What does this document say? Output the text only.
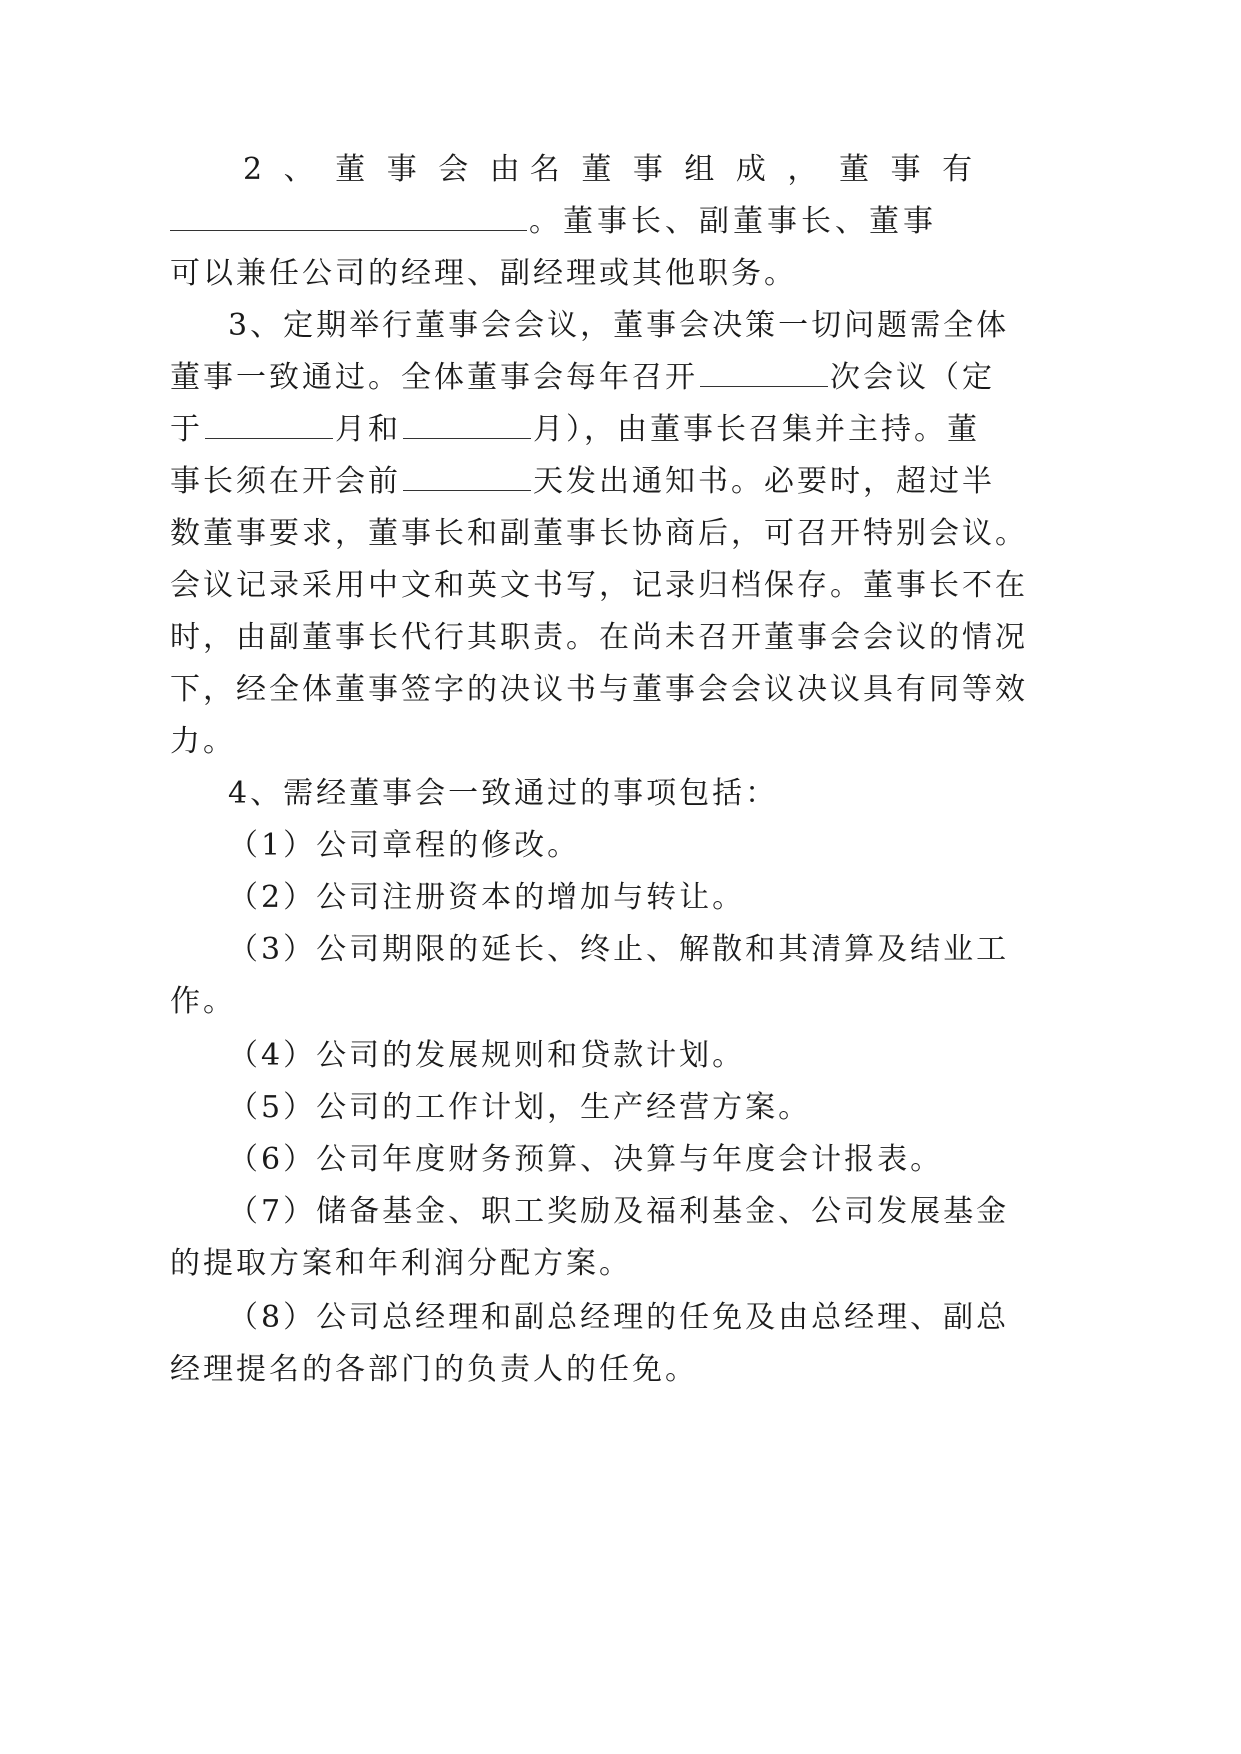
2 、 董 事 会 由 名 董 事 组 成 ， 董 事 有
。董事长、副董事长、董事
可以兼任公司的经理、副经理或其他职务。
3、定期举行董事会会议，董事会决策一切问题需全体
董事一致通过。全体董事会每年召开	次会议（定
于	月和	月），由董事长召集并主持。董
事长须在开会前	天发出通知书。必要时，超过半
数董事要求，董事长和副董事长协商后，可召开特别会议。
会议记录采用中文和英文书写，记录归档保存。董事长不在
时，由副董事长代行其职责。在尚未召开董事会会议的情况
下，经全体董事签字的决议书与董事会会议决议具有同等效
力。
4、需经董事会一致通过的事项包括：
（1）公司章程的修改。
（2）公司注册资本的增加与转让。
（3）公司期限的延长、终止、解散和其清算及结业工
作。
（4）公司的发展规则和贷款计划。
（5）公司的工作计划，生产经营方案。
（6）公司年度财务预算、决算与年度会计报表。
（7）储备基金、职工奖励及福利基金、公司发展基金
的提取方案和年利润分配方案。
（8）公司总经理和副总经理的任免及由总经理、副总
经理提名的各部门的负责人的任免。
